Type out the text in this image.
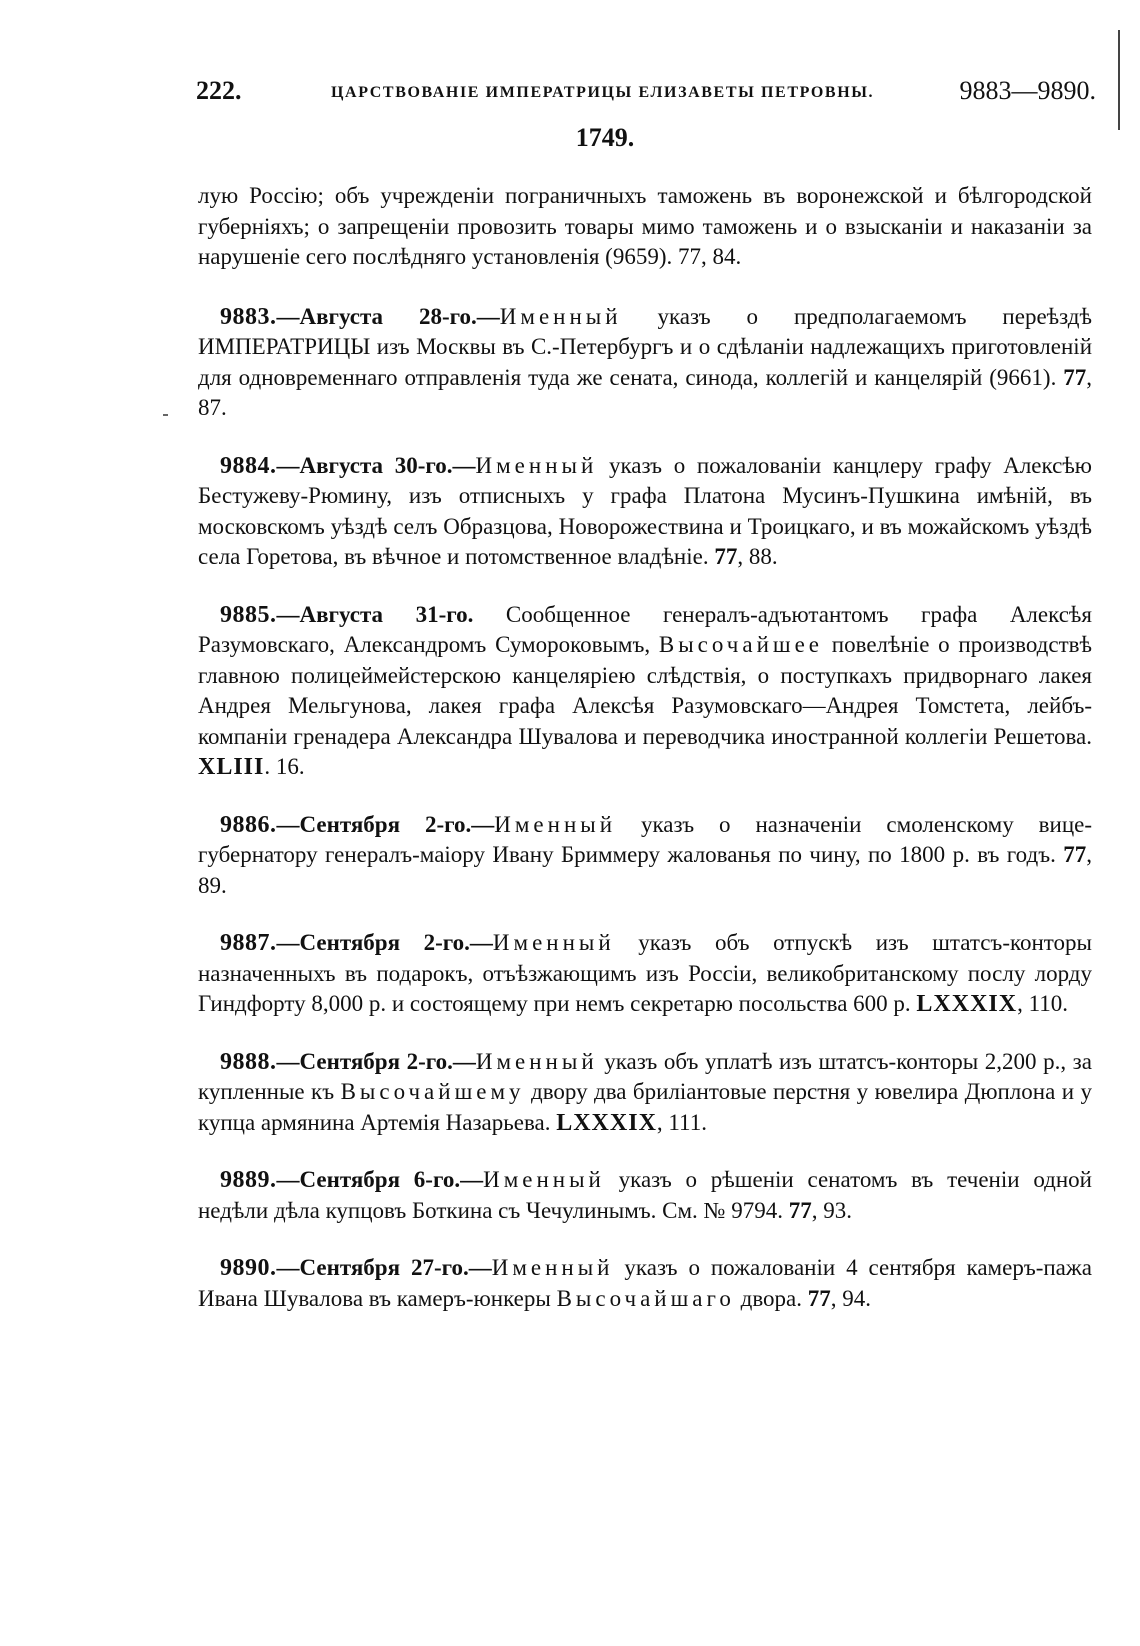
222.	ЦАРСТВОВАНІЕ ИМПЕРАТРИЦЫ ЕЛИЗАВЕТЫ ПЕТРОВНЫ.	9883—9890.
1749.

лую Россію; объ учрежденіи пограничныхъ таможень въ воронежской и бѣлгородской губерніяхъ; о запрещеніи провозить товары мимо таможень и о взысканіи и наказаніи за нарушеніе сего послѣдняго установленія (9659). 77, 84.

9883.—Августа 28-го.—Именный указъ о предполагаемомъ переѣздѣ ИМПЕРАТРИЦЫ изъ Москвы въ С.-Петербургъ и о сдѣланіи надлежащихъ приготовленій для одновременнаго отправленія туда же сената, синода, коллегій и канцелярій (9661). 77, 87.

9884.—Августа 30-го.—Именный указъ о пожалованіи канцлеру графу Алексѣю Бестужеву-Рюмину, изъ отписныхъ у графа Платона Мусинъ-Пушкина имѣній, въ московскомъ уѣздѣ селъ Образцова, Новорожествина и Троицкаго, и въ можайскомъ уѣздѣ села Горетова, въ вѣчное и потомственное владѣніе. 77, 88.

9885.—Августа 31-го. Сообщенное генералъ-адъютантомъ графа Алексѣя Разумовскаго, Александромъ Сумороковымъ, Высочайшее повелѣніе о производствѣ главною полицеймейстерскою канцеляріею слѣдствія, о поступкахъ придворнаго лакея Андрея Мельгунова, лакея графа Алексѣя Разумовскаго—Андрея Томстета, лейбъ-компаніи гренадера Александра Шувалова и переводчика иностранной коллегіи Решетова. XLIII. 16.

9886.—Сентября 2-го.—Именный указъ о назначеніи смоленскому вице-губернатору генералъ-маіору Ивану Бриммеру жалованья по чину, по 1800 р. въ годъ. 77, 89.

9887.—Сентября 2-го.—Именный указъ объ отпускѣ изъ штатсъ-конторы назначенныхъ въ подарокъ, отъѣзжающимъ изъ Россіи, великобританскому послу лорду Гиндфорту 8,000 р. и состоящему при немъ секретарю посольства 600 р. LXXXIX, 110.

9888.—Сентября 2-го.—Именный указъ объ уплатѣ изъ штатсъ-конторы 2,200 р., за купленные къ Высочайшему двору два бриліантовые перстня у ювелира Дюплона и у купца армянина Артемія Назарьева. LXXXIX, 111.

9889.—Сентября 6-го.—Именный указъ о рѣшеніи сенатомъ въ теченіи одной недѣли дѣла купцовъ Боткина съ Чечулинымъ. См. № 9794. 77, 93.

9890.—Сентября 27-го.—Именный указъ о пожалованіи 4 сентября камеръ-пажа Ивана Шувалова въ камеръ-юнкеры Высочайшаго двора. 77, 94.
